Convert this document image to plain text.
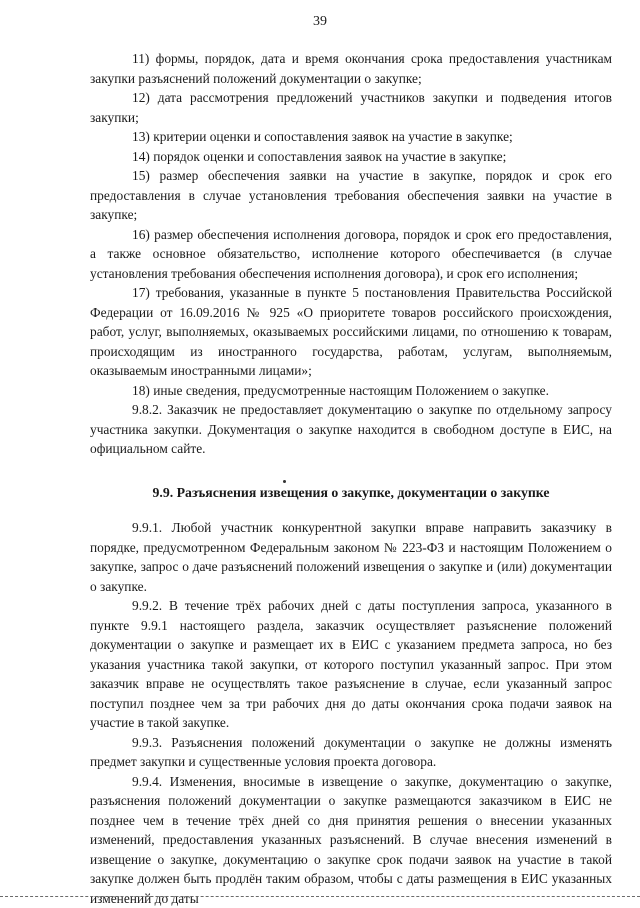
39

11) формы, порядок, дата и время окончания срока предоставления участникам закупки разъяснений положений документации о закупке;

12) дата рассмотрения предложений участников закупки и подведения итогов закупки;

13) критерии оценки и сопоставления заявок на участие в закупке;

14) порядок оценки и сопоставления заявок на участие в закупке;

15) размер обеспечения заявки на участие в закупке, порядок и срок его предоставления в случае установления требования обеспечения заявки на участие в закупке;

16) размер обеспечения исполнения договора, порядок и срок его предоставления, а также основное обязательство, исполнение которого обеспечивается (в случае установления требования обеспечения исполнения договора), и срок его исполнения;

17) требования, указанные в пункте 5 постановления Правительства Российской Федерации от 16.09.2016 № 925 «О приоритете товаров российского происхождения, работ, услуг, выполняемых, оказываемых российскими лицами, по отношению к товарам, происходящим из иностранного государства, работам, услугам, выполняемым, оказываемым иностранными лицами»;

18) иные сведения, предусмотренные настоящим Положением о закупке.

9.8.2. Заказчик не предоставляет документацию о закупке по отдельному запросу участника закупки. Документация о закупке находится в свободном доступе в ЕИС, на официальном сайте.

9.9. Разъяснения извещения о закупке, документации о закупке

9.9.1. Любой участник конкурентной закупки вправе направить заказчику в порядке, предусмотренном Федеральным законом № 223-ФЗ и настоящим Положением о закупке, запрос о даче разъяснений положений извещения о закупке и (или) документации о закупке.

9.9.2. В течение трёх рабочих дней с даты поступления запроса, указанного в пункте 9.9.1 настоящего раздела, заказчик осуществляет разъяснение положений документации о закупке и размещает их в ЕИС с указанием предмета запроса, но без указания участника такой закупки, от которого поступил указанный запрос. При этом заказчик вправе не осуществлять такое разъяснение в случае, если указанный запрос поступил позднее чем за три рабочих дня до даты окончания срока подачи заявок на участие в такой закупке.

9.9.3. Разъяснения положений документации о закупке не должны изменять предмет закупки и существенные условия проекта договора.

9.9.4. Изменения, вносимые в извещение о закупке, документацию о закупке, разъяснения положений документации о закупке размещаются заказчиком в ЕИС не позднее чем в течение трёх дней со дня принятия решения о внесении указанных изменений, предоставления указанных разъяснений. В случае внесения изменений в извещение о закупке, документацию о закупке срок подачи заявок на участие в такой закупке должен быть продлён таким образом, чтобы с даты размещения в ЕИС указанных изменений до даты
